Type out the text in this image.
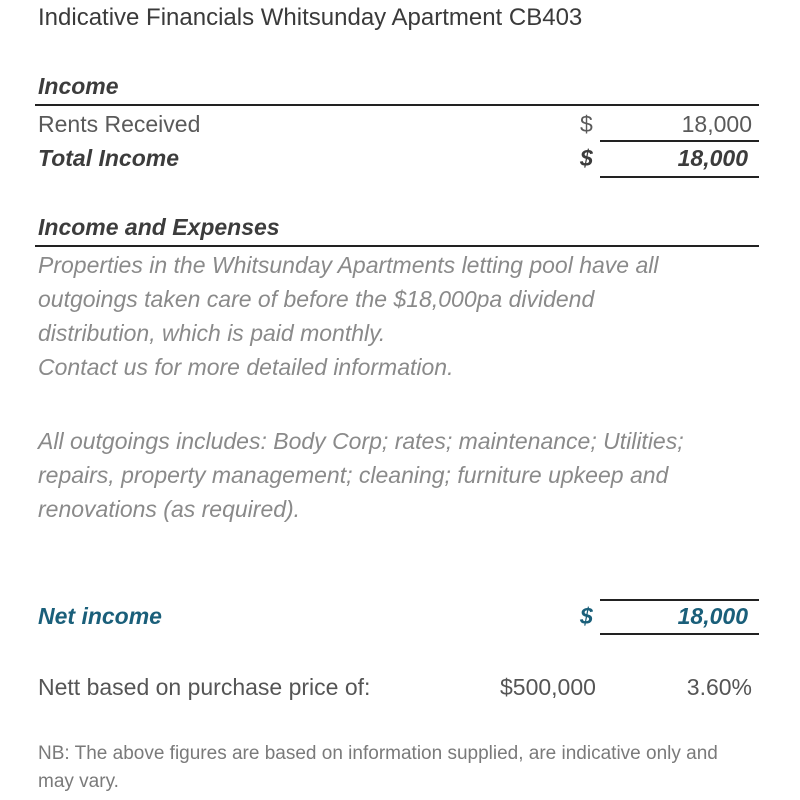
Indicative Financials Whitsunday Apartment CB403
Income
Rents Received	$	18,000
Total Income	$	18,000
Income and Expenses
Properties in the Whitsunday Apartments letting pool have all
outgoings taken care of before the $18,000pa dividend
distribution, which is paid monthly.
Contact us for more detailed information.
All outgoings includes: Body Corp; rates; maintenance; Utilities;
repairs, property management; cleaning; furniture upkeep and
renovations (as required).
Net income	$	18,000
Nett based on purchase price of:	$500,000	3.60%
NB: The above figures are based on information supplied, are indicative only and may vary.
